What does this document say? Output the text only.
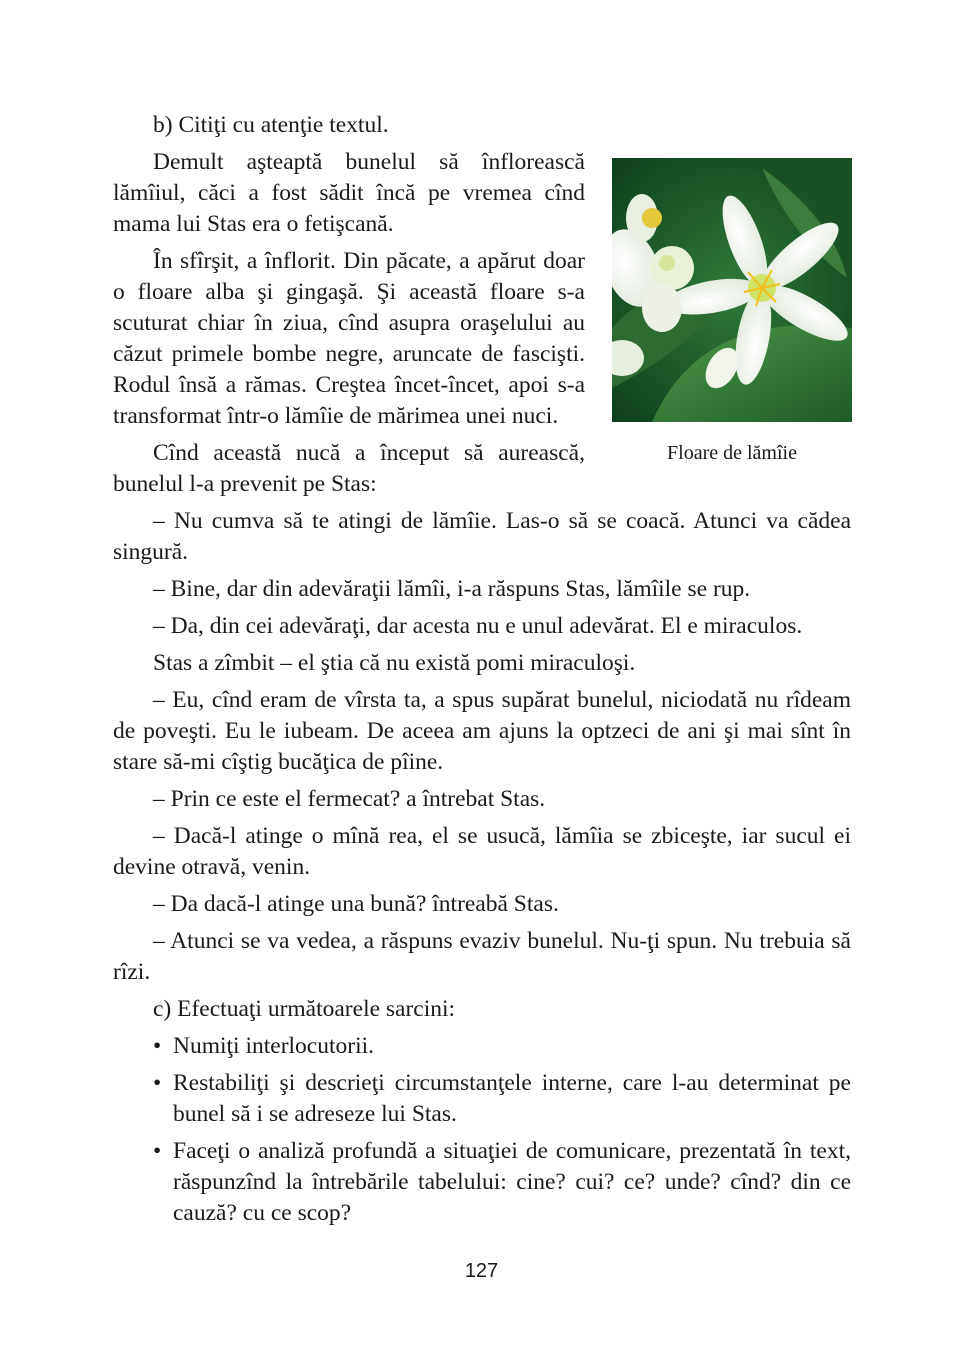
b) Citiţi cu atenţie textul.

Demult aşteaptă bunelul să înflorească lămîiul, căci a fost sădit încă pe vremea cînd mama lui Stas era o fetişcană.

În sfîrşit, a înflorit. Din păcate, a apărut doar o floare alba şi gingaşă. Şi această floare s-a scuturat chiar în ziua, cînd asupra oraşelului au căzut primele bombe negre, aruncate de fascişti. Rodul însă a rămas. Creştea încet-încet, apoi s-a transformat într-o lămîie de mărimea unei nuci.

Cînd această nucă a început să aurească, bunelul l-a prevenit pe Stas:

Floare de lămîie

– Nu cumva să te atingi de lămîie. Las-o să se coacă. Atunci va cădea singură.

– Bine, dar din adevăraţii lămîi, i-a răspuns Stas, lămîile se rup.

– Da, din cei adevăraţi, dar acesta nu e unul adevărat. El e miraculos.

Stas a zîmbit – el ştia că nu există pomi miraculoşi.

– Eu, cînd eram de vîrsta ta, a spus supărat bunelul, niciodată nu rîdeam de poveşti. Eu le iubeam. De aceea am ajuns la optzeci de ani şi mai sînt în stare să-mi cîştig bucăţica de pîine.

– Prin ce este el fermecat? a întrebat Stas.

– Dacă-l atinge o mînă rea, el se usucă, lămîia se zbiceşte, iar sucul ei devine otravă, venin.

– Da dacă-l atinge una bună? întreabă Stas.

– Atunci se va vedea, a răspuns evaziv bunelul. Nu-ţi spun. Nu trebuia să rîzi.

c) Efectuaţi următoarele sarcini:

• Numiţi interlocutorii.
• Restabiliţi şi descrieţi circumstanţele interne, care l-au determinat pe bunel să i se adreseze lui Stas.
• Faceţi o analiză profundă a situaţiei de comunicare, prezentată în text, răspunzînd la întrebările tabelului: cine? cui? ce? unde? cînd? din ce cauză? cu ce scop?
127
